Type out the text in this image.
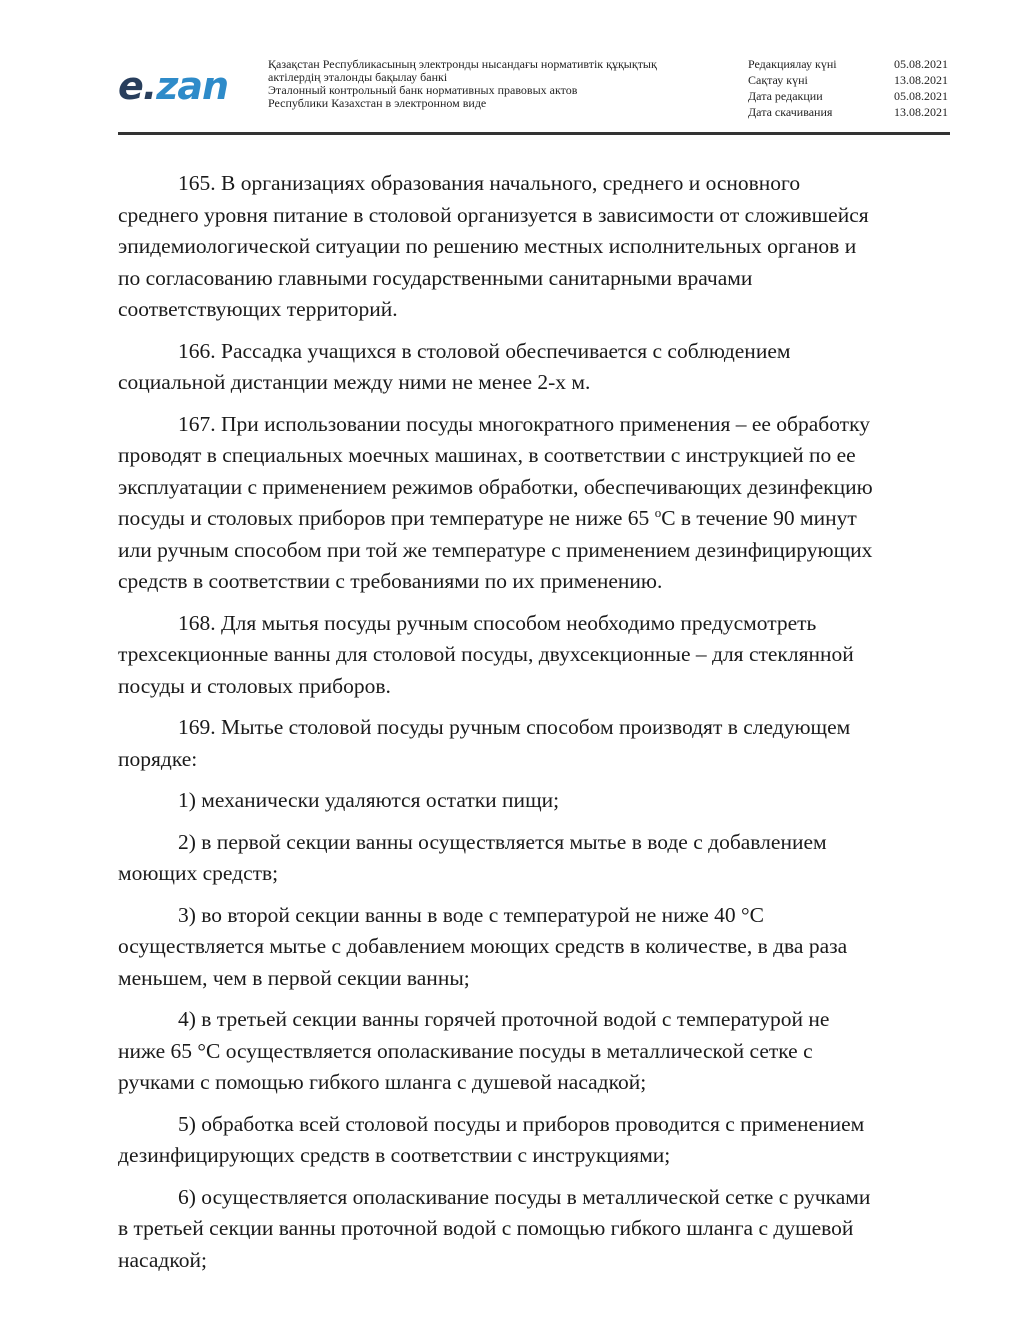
e.zan	Қазақстан Республикасының электронды нысандағы нормативтік құқықтық
актілердің эталонды бақылау банкі
Эталонный контрольный банк нормативных правовых актов
Республики Казахстан в электронном виде
Редакциялау күні	05.08.2021
Сақтау күні	13.08.2021
Дата редакции	05.08.2021
Дата скачивания	13.08.2021

165. В организациях образования начального, среднего и основного
среднего уровня питание в столовой организуется в зависимости от сложившейся
эпидемиологической ситуации по решению местных исполнительных органов и
по согласованию главными государственными санитарными врачами
соответствующих территорий.

166. Рассадка учащихся в столовой обеспечивается с соблюдением
социальной дистанции между ними не менее 2-х м.

167. При использовании посуды многократного применения – ее обработку
проводят в специальных моечных машинах, в соответствии с инструкцией по ее
эксплуатации с применением режимов обработки, обеспечивающих дезинфекцию
посуды и столовых приборов при температуре не ниже 65 $^о$С в течение 90 минут
или ручным способом при той же температуре с применением дезинфицирующих
средств в соответствии с требованиями по их применению.

168. Для мытья посуды ручным способом необходимо предусмотреть
трехсекционные ванны для столовой посуды, двухсекционные – для стеклянной
посуды и столовых приборов.

169. Мытье столовой посуды ручным способом производят в следующем
порядке:

1) механически удаляются остатки пищи;

2) в первой секции ванны осуществляется мытье в воде с добавлением
моющих средств;

3) во второй секции ванны в воде с температурой не ниже 40 °С
осуществляется мытье с добавлением моющих средств в количестве, в два раза
меньшем, чем в первой секции ванны;

4) в третьей секции ванны горячей проточной водой с температурой не
ниже 65 °С осуществляется ополаскивание посуды в металлической сетке с
ручками с помощью гибкого шланга с душевой насадкой;

5) обработка всей столовой посуды и приборов проводится с применением
дезинфицирующих средств в соответствии с инструкциями;

6) осуществляется ополаскивание посуды в металлической сетке с ручками
в третьей секции ванны проточной водой с помощью гибкого шланга с душевой
насадкой;
